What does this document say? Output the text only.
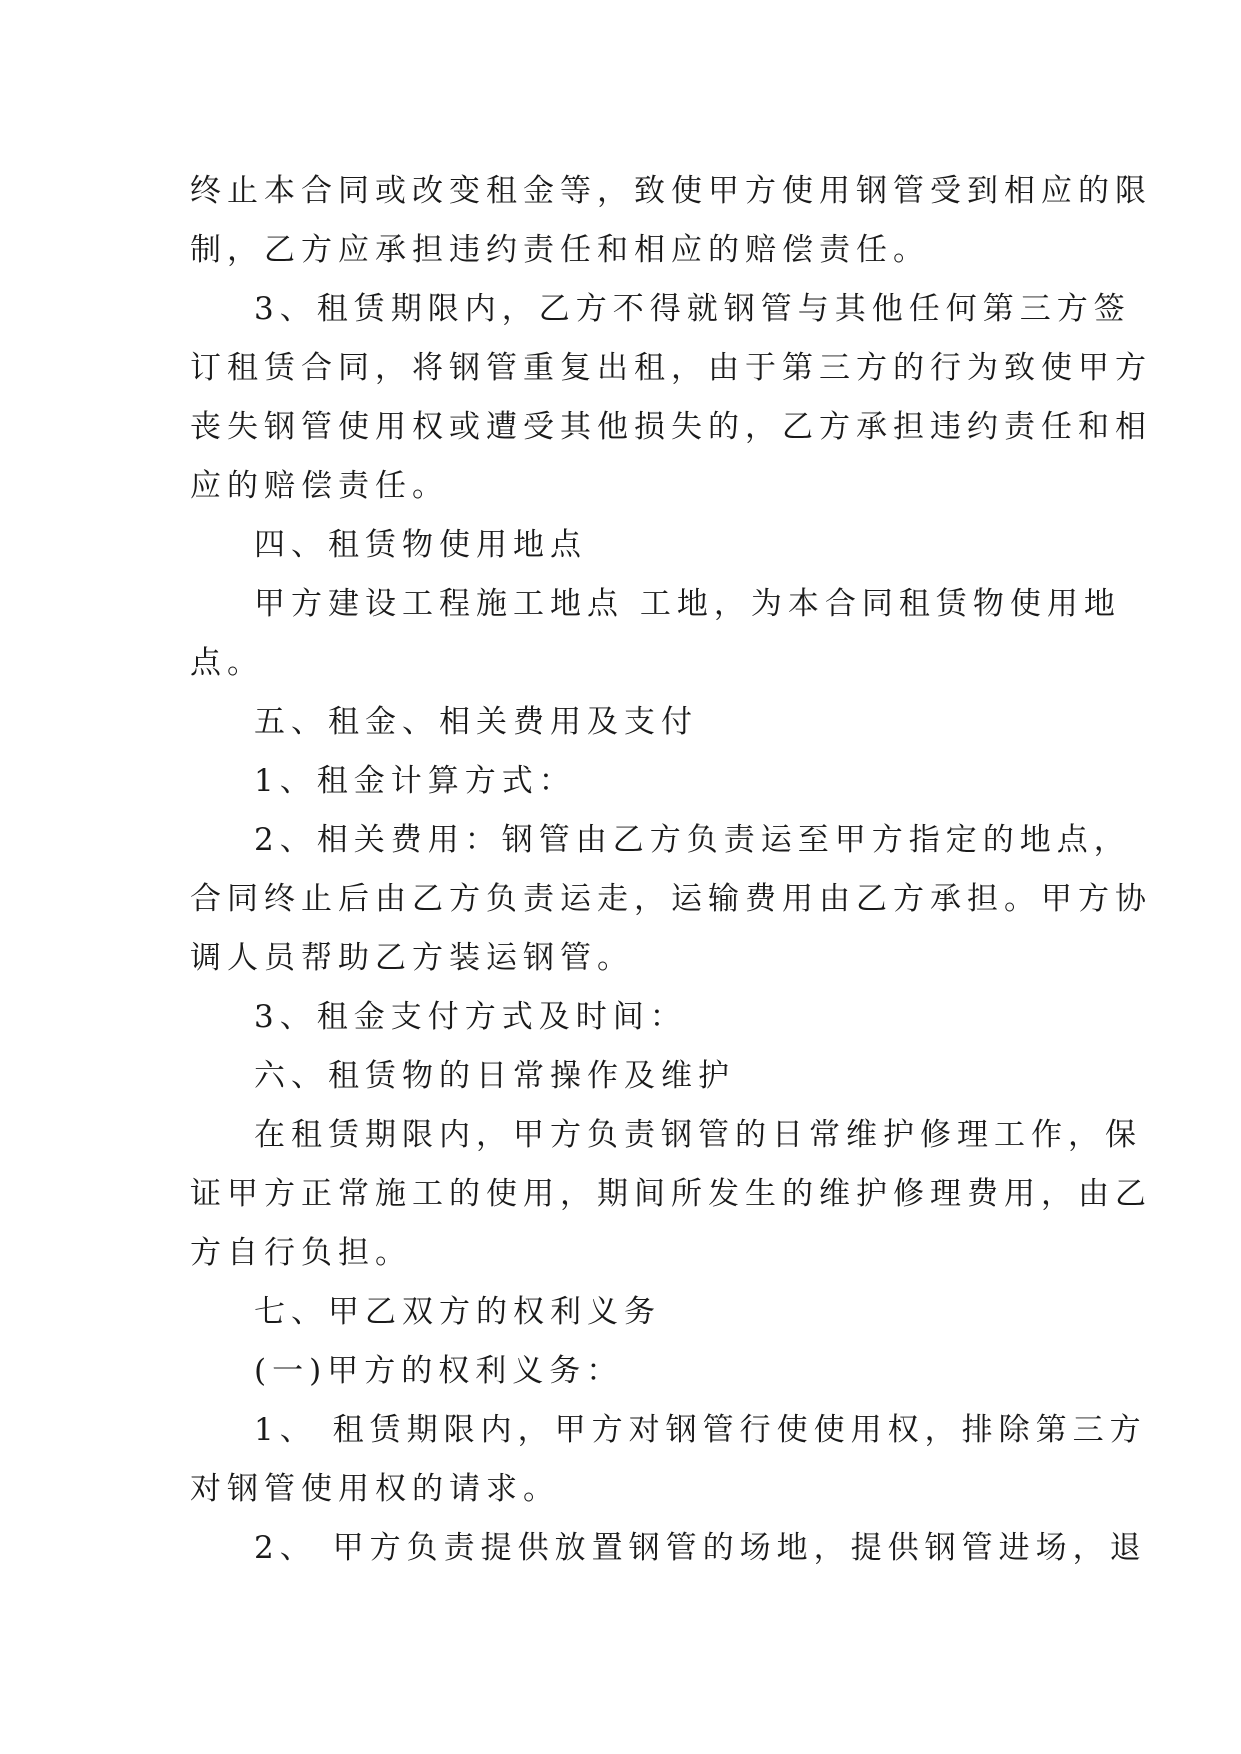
终止本合同或改变租金等，致使甲方使用钢管受到相应的限
制，乙方应承担违约责任和相应的赔偿责任。
3、租赁期限内，乙方不得就钢管与其他任何第三方签
订租赁合同，将钢管重复出租，由于第三方的行为致使甲方
丧失钢管使用权或遭受其他损失的，乙方承担违约责任和相
应的赔偿责任。
四、租赁物使用地点
甲方建设工程施工地点 工地，为本合同租赁物使用地
点。
五、租金、相关费用及支付
1、租金计算方式：
2、相关费用：钢管由乙方负责运至甲方指定的地点，
合同终止后由乙方负责运走，运输费用由乙方承担。甲方协
调人员帮助乙方装运钢管。
3、租金支付方式及时间：
六、租赁物的日常操作及维护
在租赁期限内，甲方负责钢管的日常维护修理工作，保
证甲方正常施工的使用，期间所发生的维护修理费用，由乙
方自行负担。
七、甲乙双方的权利义务
(一)甲方的权利义务：
1、 租赁期限内，甲方对钢管行使使用权，排除第三方
对钢管使用权的请求。
2、 甲方负责提供放置钢管的场地，提供钢管进场，退
